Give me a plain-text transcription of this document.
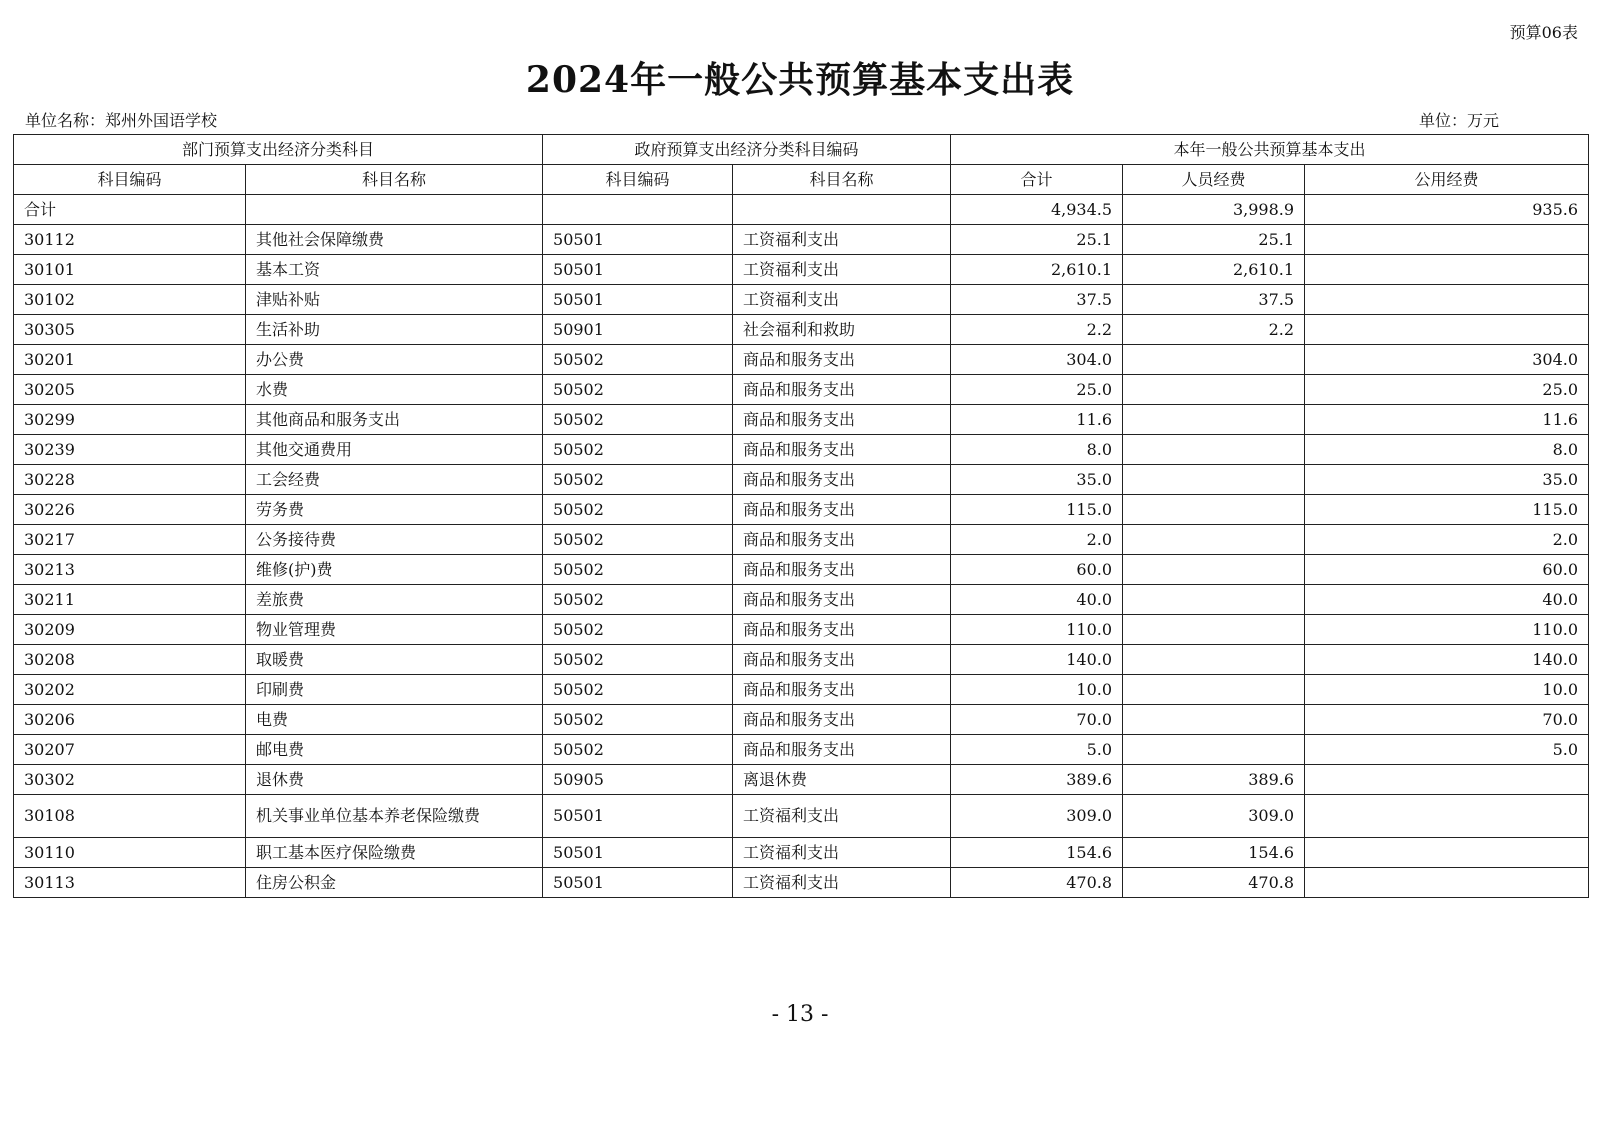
预算06表
2024年一般公共预算基本支出表
单位名称：郑州外国语学校	单位：万元
部门预算支出经济分类科目		政府预算支出经济分类科目编码		本年一般公共预算基本支出		
科目编码	科目名称	科目编码	科目名称	合计	人员经费	公用经费
合计				4,934.5	3,998.9	935.6
30112	其他社会保障缴费	50501	工资福利支出	25.1	25.1	
30101	基本工资	50501	工资福利支出	2,610.1	2,610.1	
30102	津贴补贴	50501	工资福利支出	37.5	37.5	
30305	生活补助	50901	社会福利和救助	2.2	2.2	
30201	办公费	50502	商品和服务支出	304.0		304.0
30205	水费	50502	商品和服务支出	25.0		25.0
30299	其他商品和服务支出	50502	商品和服务支出	11.6		11.6
30239	其他交通费用	50502	商品和服务支出	8.0		8.0
30228	工会经费	50502	商品和服务支出	35.0		35.0
30226	劳务费	50502	商品和服务支出	115.0		115.0
30217	公务接待费	50502	商品和服务支出	2.0		2.0
30213	维修(护)费	50502	商品和服务支出	60.0		60.0
30211	差旅费	50502	商品和服务支出	40.0		40.0
30209	物业管理费	50502	商品和服务支出	110.0		110.0
30208	取暖费	50502	商品和服务支出	140.0		140.0
30202	印刷费	50502	商品和服务支出	10.0		10.0
30206	电费	50502	商品和服务支出	70.0		70.0
30207	邮电费	50502	商品和服务支出	5.0		5.0
30302	退休费	50905	离退休费	389.6	389.6	
30108	机关事业单位基本养老保险缴费	50501	工资福利支出	309.0	309.0	
30110	职工基本医疗保险缴费	50501	工资福利支出	154.6	154.6	
30113	住房公积金	50501	工资福利支出	470.8	470.8	
- 13 -
